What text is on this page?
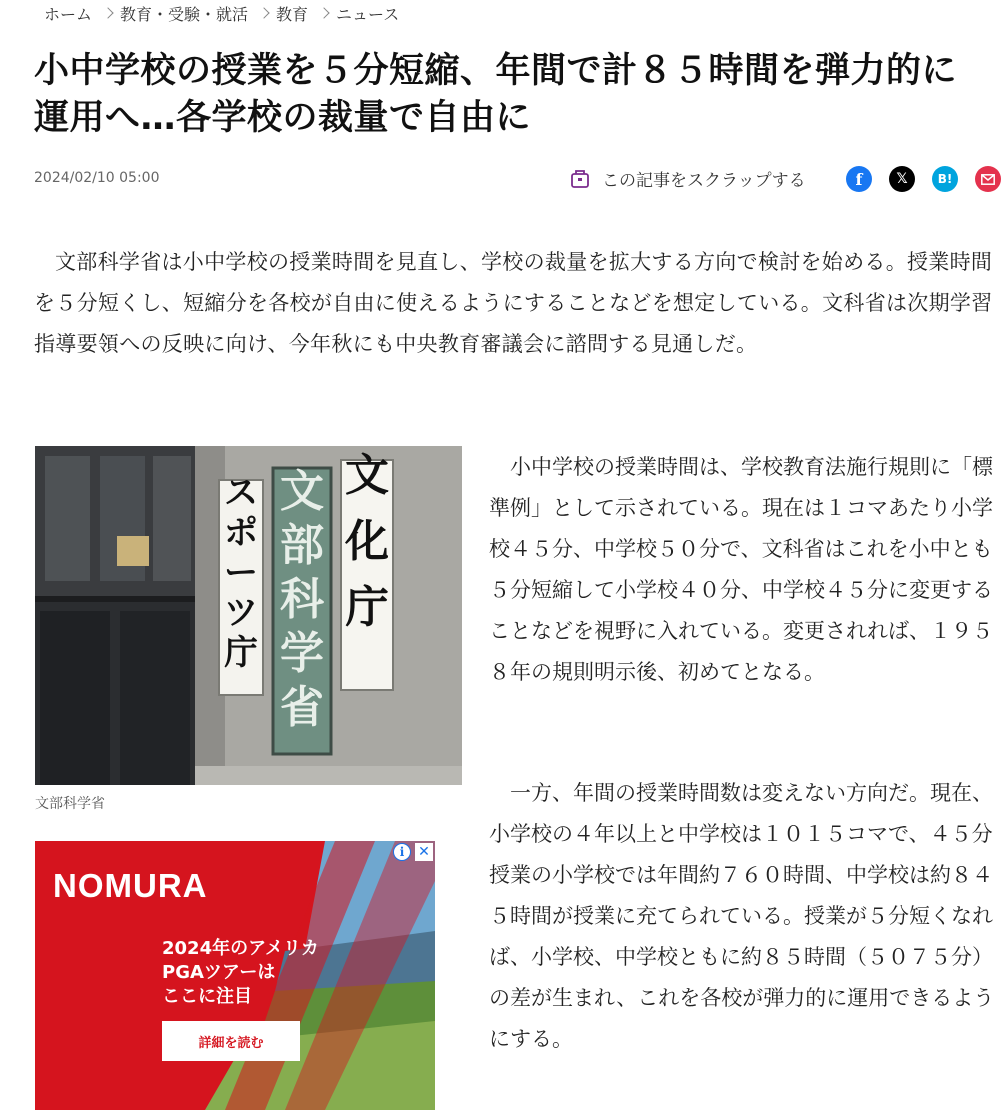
ホーム 教育・受験・就活 教育 ニュース
小中学校の授業を５分短縮、年間で計８５時間を弾力的に
運用へ…各学校の裁量で自由に
2024/02/10 05:00	この記事をスクラップする	f 𝕏	B!

文部科学省は小中学校の授業時間を見直し、学校の裁量を拡大する方向で検討を始める。授業時間を５分短くし、短縮分を各校が自由に使えるようにすることなどを想定している。文科省は次期学習指導要領への反映に向け、今年秋にも中央教育審議会に諮問する見通しだ。

スポーツ庁
文部科学省
文化庁
文部科学省

小中学校の授業時間は、学校教育法施行規則に「標準例」として示されている。現在は１コマあたり小学校４５分、中学校５０分で、文科省はこれを小中とも５分短縮して小学校４０分、中学校４５分に変更することなどを視野に入れている。変更されれば、１９５８年の規則明示後、初めてとなる。

一方、年間の授業時間数は変えない方向だ。現在、小学校の４年以上と中学校は１０１５コマで、４５分授業の小学校では年間約７６０時間、中学校は約８４５時間が授業に充てられている。授業が５分短くなれば、小学校、中学校ともに約８５時間（５０７５分）の差が生まれ、これを各校が弾力的に運用できるようにする。

NOMURA
2024年のアメリカ
PGAツアーは
ここに注目
詳細を読む
i ✕
